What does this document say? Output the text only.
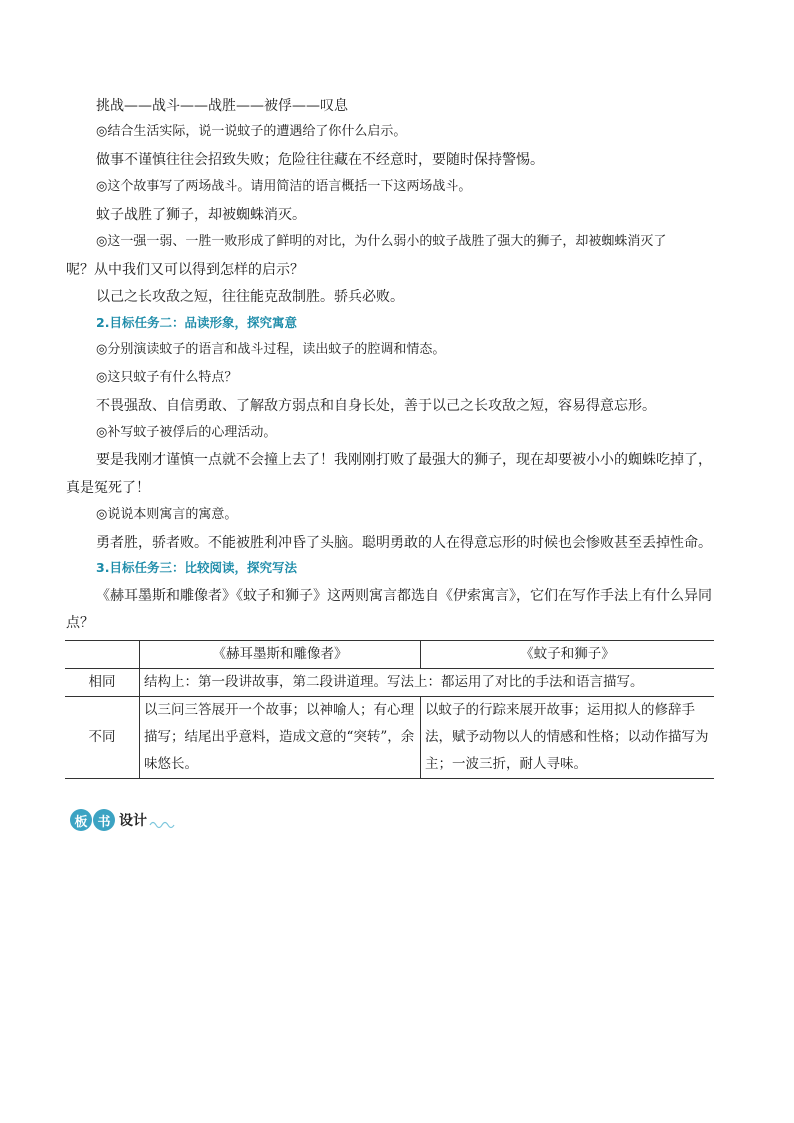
挑战——战斗——战胜——被俘——叹息
◎结合生活实际，说一说蚊子的遭遇给了你什么启示。
做事不谨慎往往会招致失败；危险往往藏在不经意时，要随时保持警惕。
◎这个故事写了两场战斗。请用简洁的语言概括一下这两场战斗。
蚊子战胜了狮子，却被蜘蛛消灭。
◎这一强一弱、一胜一败形成了鲜明的对比，为什么弱小的蚊子战胜了强大的狮子，却被蜘蛛消灭了
呢？从中我们又可以得到怎样的启示？
以己之长攻敌之短，往往能克敌制胜。骄兵必败。
2.目标任务二：品读形象，探究寓意
◎分别演读蚊子的语言和战斗过程，读出蚊子的腔调和情态。
◎这只蚊子有什么特点？
不畏强敌、自信勇敢、了解敌方弱点和自身长处，善于以己之长攻敌之短，容易得意忘形。
◎补写蚊子被俘后的心理活动。
要是我刚才谨慎一点就不会撞上去了！我刚刚打败了最强大的狮子，现在却要被小小的蜘蛛吃掉了，
真是冤死了！
◎说说本则寓言的寓意。
勇者胜，骄者败。不能被胜利冲昏了头脑。聪明勇敢的人在得意忘形的时候也会惨败甚至丢掉性命。
3.目标任务三：比较阅读，探究写法
《赫耳墨斯和雕像者》《蚊子和狮子》这两则寓言都选自《伊索寓言》，它们在写作手法上有什么异同
点？
	《赫耳墨斯和雕像者》	《蚊子和狮子》
相同	结构上：第一段讲故事，第二段讲道理。写法上：都运用了对比的手法和语言描写。	
不同	以三问三答展开一个故事；以神喻人；有心理描写；结尾出乎意料，造成文意的“突转”，余味悠长。	以蚊子的行踪来展开故事；运用拟人的修辞手法，赋予动物以人的情感和性格；以动作描写为主；一波三折，耐人寻味。
板 书 设计
